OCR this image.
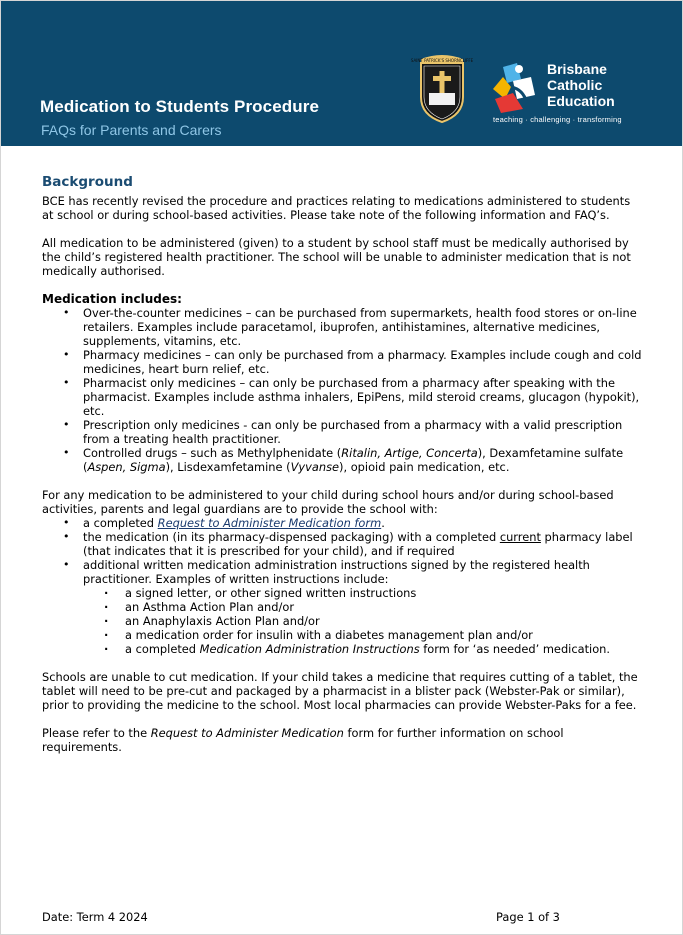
SAINT PATRICK'S SHORNCLIFFE
Brisbane
Catholic
Education
teaching · challenging · transforming
Medication to Students Procedure
FAQs for Parents and Carers
Background

BCE has recently revised the procedure and practices relating to medications administered to students at school or during school-based activities. Please take note of the following information and FAQ’s.

All medication to be administered (given) to a student by school staff must be medically authorised by the child’s registered health practitioner. The school will be unable to administer medication that is not medically authorised.

Medication includes:

• Over-the-counter medicines – can be purchased from supermarkets, health food stores or on-line retailers. Examples include paracetamol, ibuprofen, antihistamines, alternative medicines, supplements, vitamins, etc.
• Pharmacy medicines – can only be purchased from a pharmacy. Examples include cough and cold medicines, heart burn relief, etc.
• Pharmacist only medicines – can only be purchased from a pharmacy after speaking with the pharmacist. Examples include asthma inhalers, EpiPens, mild steroid creams, glucagon (hypokit), etc.
• Prescription only medicines - can only be purchased from a pharmacy with a valid prescription from a treating health practitioner.
• Controlled drugs – such as Methylphenidate (Ritalin, Artige, Concerta), Dexamfetamine sulfate (Aspen, Sigma), Lisdexamfetamine (Vyvanse), opioid pain medication, etc.

For any medication to be administered to your child during school hours and/or during school-based activities, parents and legal guardians are to provide the school with:

• a completed Request to Administer Medication form.
• the medication (in its pharmacy-dispensed packaging) with a completed current pharmacy label (that indicates that it is prescribed for your child), and if required
• additional written medication administration instructions signed by the registered health practitioner. Examples of written instructions include:
· a signed letter, or other signed written instructions
· an Asthma Action Plan and/or
· an Anaphylaxis Action Plan and/or
· a medication order for insulin with a diabetes management plan and/or
· a completed Medication Administration Instructions form for ‘as needed’ medication.

Schools are unable to cut medication. If your child takes a medicine that requires cutting of a tablet, the tablet will need to be pre-cut and packaged by a pharmacist in a blister pack (Webster-Pak or similar), prior to providing the medicine to the school. Most local pharmacies can provide Webster-Paks for a fee.

Please refer to the Request to Administer Medication form for further information on school requirements.

Date: Term 4 2024	Page 1 of 3
